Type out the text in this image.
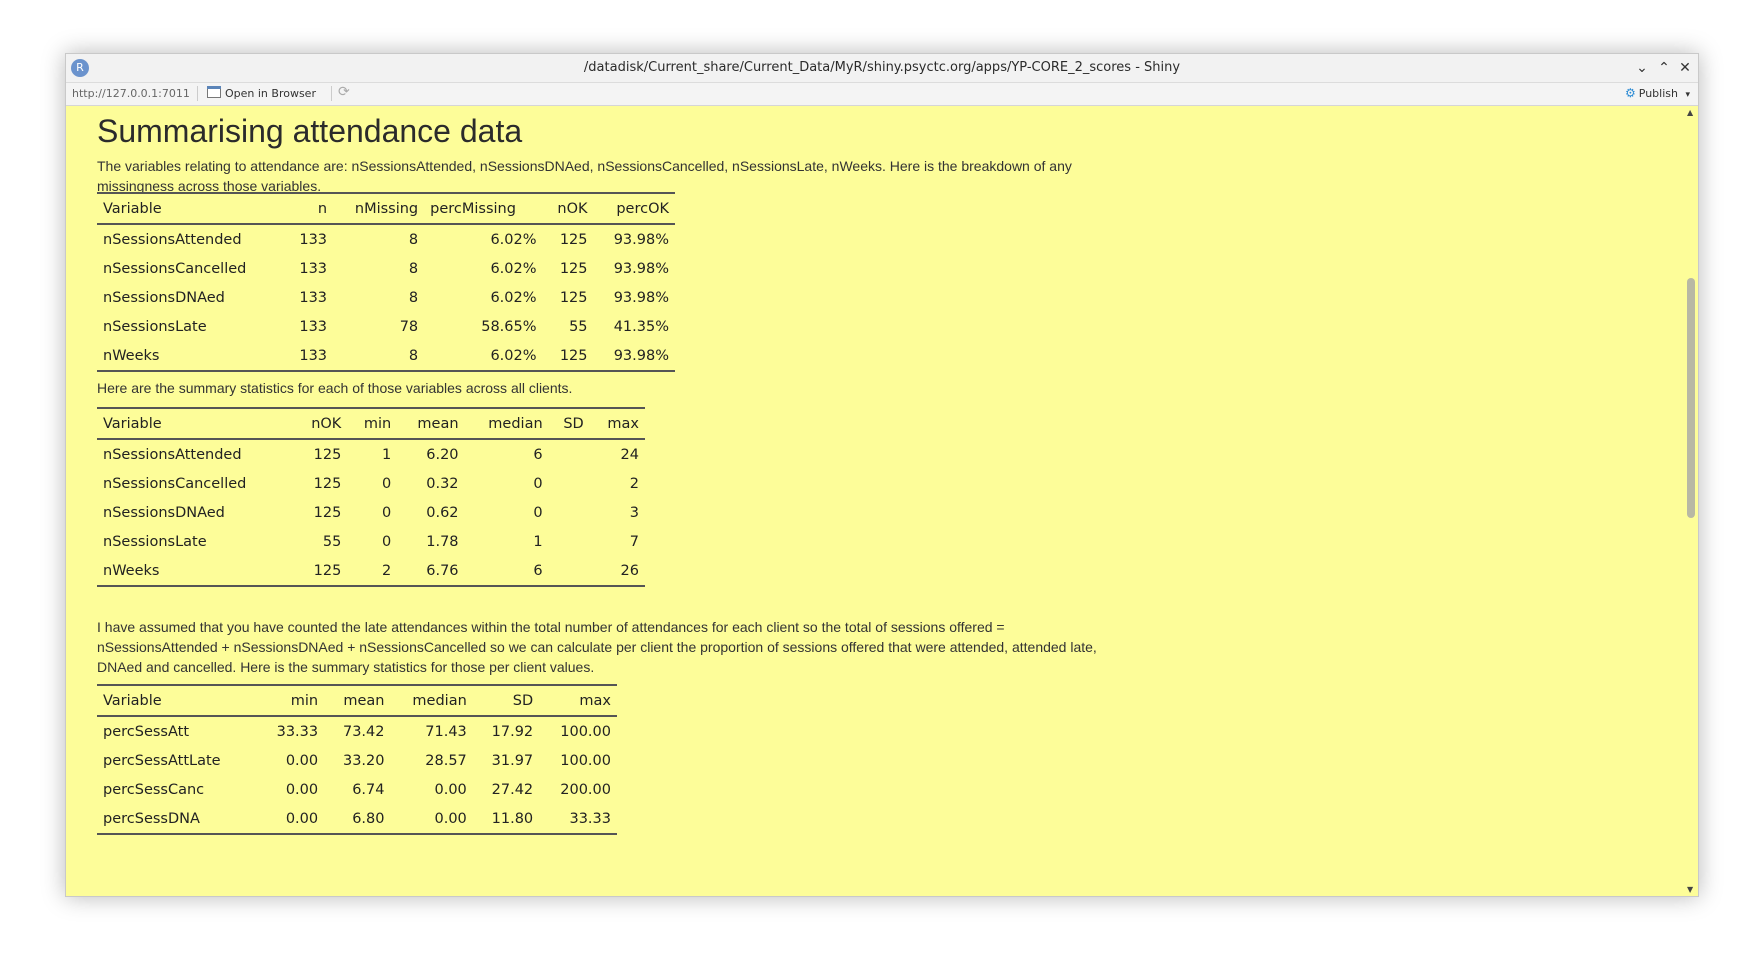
R	/datadisk/Current_share/Current_Data/MyR/shiny.psyctc.org/apps/YP-CORE_2_scores - Shiny	⌄ ⌃ ✕
http://127.0.0.1:7011	Open in Browser ⟳	⚙ Publish ▾
Summarising attendance data

The variables relating to attendance are: nSessionsAttended, nSessionsDNAed, nSessionsCancelled, nSessionsLate, nWeeks. Here is the breakdown of any missingness across those variables.

Variable	n	nMissing	percMissing	nOK	percOK
nSessionsAttended	133	8	6.02%	125	93.98%
nSessionsCancelled	133	8	6.02%	125	93.98%
nSessionsDNAed	133	8	6.02%	125	93.98%
nSessionsLate	133	78	58.65%	55	41.35%
nWeeks	133	8	6.02%	125	93.98%

Here are the summary statistics for each of those variables across all clients.

Variable	nOK	min	mean	median	SD	max
nSessionsAttended	125	1	6.20	6		24
nSessionsCancelled	125	0	0.32	0		2
nSessionsDNAed	125	0	0.62	0		3
nSessionsLate	55	0	1.78	1		7
nWeeks	125	2	6.76	6		26

I have assumed that you have counted the late attendances within the total number of attendances for each client so the total of sessions offered = nSessionsAttended + nSessionsDNAed + nSessionsCancelled so we can calculate per client the proportion of sessions offered that were attended, attended late, DNAed and cancelled. Here is the summary statistics for those per client values.

Variable	min	mean	median	SD	max
percSessAtt	33.33	73.42	71.43	17.92	100.00
percSessAttLate	0.00	33.20	28.57	31.97	100.00
percSessCanc	0.00	6.74	0.00	27.42	200.00
percSessDNA	0.00	6.80	0.00	11.80	33.33
▲
▼
